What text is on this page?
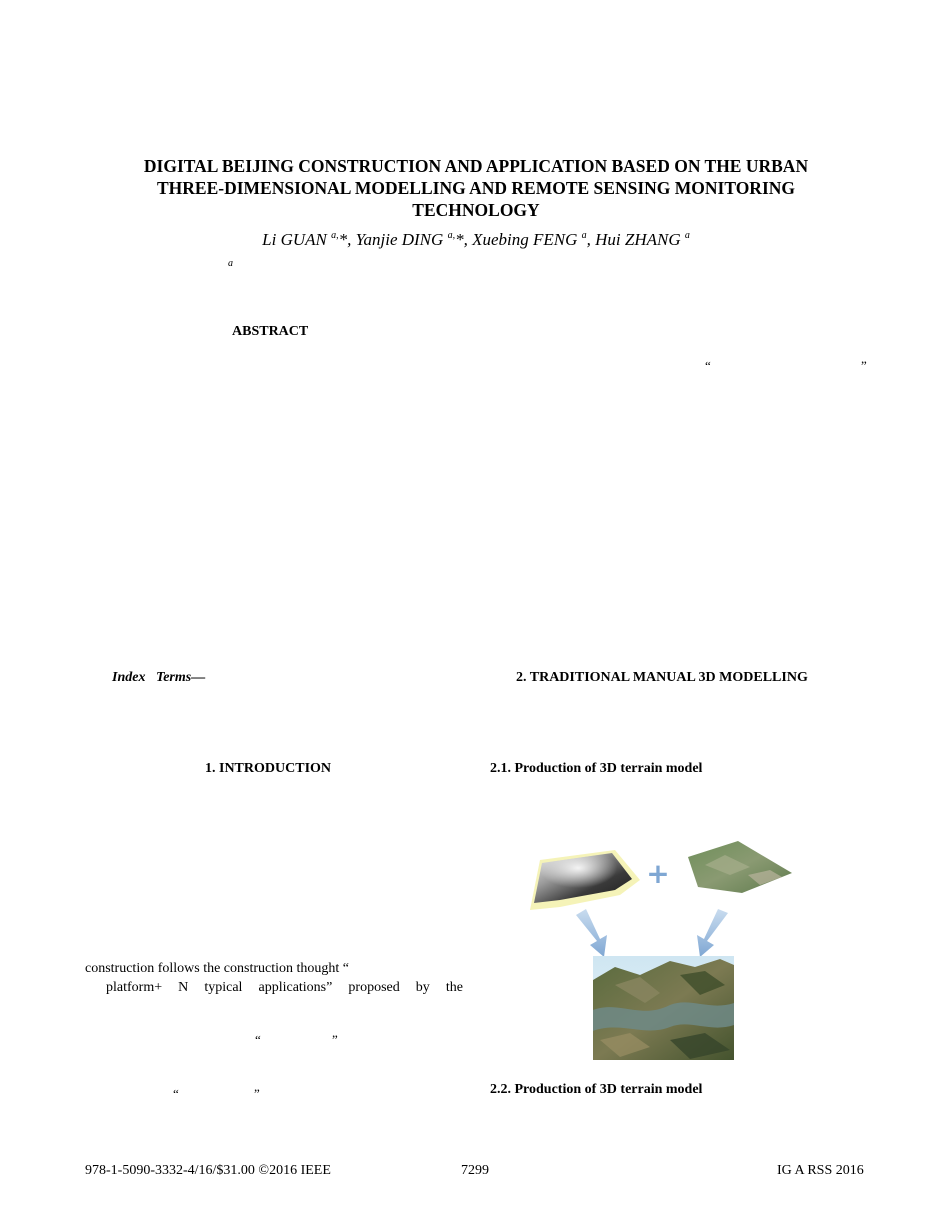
DIGITAL BEIJING CONSTRUCTION AND APPLICATION BASED ON THE URBAN
THREE-DIMENSIONAL MODELLING AND REMOTE SENSING MONITORING
TECHNOLOGY
Li GUAN $^{a,}$*, Yanjie DING $^{a,}$*, Xuebing FENG $^a$, Hui ZHANG $^a$
a
ABSTRACT
“	”
Index   Terms—	2. TRADITIONAL MANUAL 3D MODELLING
1. INTRODUCTION	2.1. Production of 3D terrain model
2.2. Production of 3D terrain model
construction follows the construction thought “
platform+ N typical applications” proposed by the
“	”
“	”
+
978-1-5090-3332-4/16/$31.00 ©2016 IEEE	7299	IG A RSS 2016
